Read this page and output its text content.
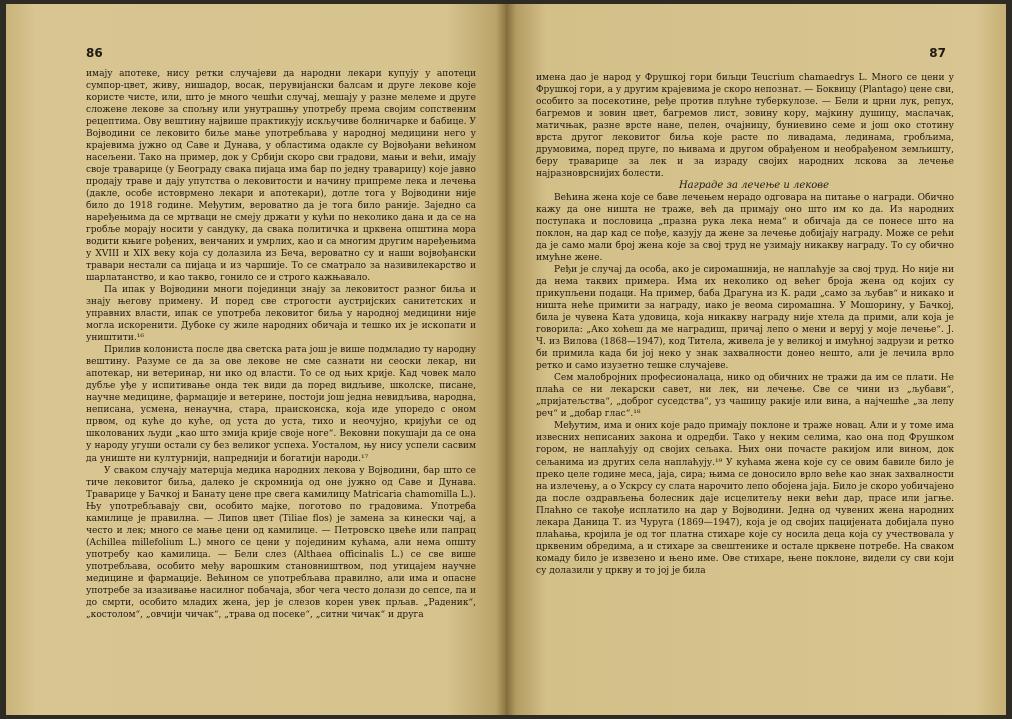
86

имају апотеке, нису ретки случајеви да народни лекари купују у апотеци сумпор-цвет, живу, нишадор, восак, перувијански балсам и друге лекове које користе чисте, или, што је много чешћи случај, мешају у разне мелеме и друге сложене лекове за спољну или унутрашњу употребу према својим сопственим рецептима. Ову вештину највише практикују искључиве болничарке и бабице. У Војводини се лековито биље мање употребљава у народној медицини него у крајевима јужно од Саве и Дунава, у областима одакле су Војвођани већином насељени. Тако на пример, док у Србији скоро сви градови, мањи и већи, имају своје траварице (у Београду свака пијаца има бар по једну траварицу) које јавно продају траве и дају упутства о лековитости и начину припреме лека и лечења (дакле, особе истоврмено лекари и апотекари), дотле тога у Војводини није било до 1918 године. Међутим, вероватно да је тога било раније. Заједно са наређењима да се мртваци не смеју држати у кући по неколико дана и да се на гробље морају носити у сандуку, да свака политичка и црквена општина мора водити књиге рођених, венчаних и умрлих, као и са многим другим наређењима у XVIII и XIX веку која су долазила из Беча, вероватно су и наши војвођански травари нестали са пијаца и из чаршије. То се сматрало за називилекарство и шарлатанство, и као такво, гонило се и строго кажњавало.

Па ипак у Војводини многи појединци знају за лековитост разног биља и знају његову примену. И поред све строгости аустријских санитетских и управних власти, ипак се употреба лековитог биља у народној медицини није могла искоренити. Дубоке су жиле народних обичаја и тешко их је ископати и уништити.¹⁶

Прилив колониста после два светска рата још је више подмладио ту народну вештину. Разуме се да за ове лекове не сме сазнати ни сеоски лекар, ни апотекар, ни ветеринар, ни ико од власти. То се од њих крије. Кад човек мало дубље уђе у испитивање онда тек види да поред видљиве, школске, писане, научне медицине, фармације и ветерине, постоји још једна невидљива, народна, неписана, усмена, ненаучна, стара, прaисконска, која иде упоредо с оном првом, од куће до куће, од уста до уста, тихо и неочујно, кријући се од школованих људи „као што змија крије своје ноге“. Вековни покушаји да се она у народу угуши остали су без великог успеха. Уосталом, њу нису успели сасвим да униште ни културнији, напреднији и богатији народи.¹⁷

У сваком случају матерuja медика народних лекова у Војводини, бар што се тиче лековитог биља, далеко је скромнија од оне јужно од Саве и Дунава. Траварице у Бачкој и Банату цене пре свега камилицу Matricaria chamomilla L.). Њу употребљавају сви, особито мајке, поготово по градовима. Употреба камилице је правилна. — Липов цвет (Tiliae flos) је замена за кинески чај, а често и лек; много се мање цени од камилице. — Петровско цвеће или папрац (Achillea millefolium L.) много се цени у појединим кућама, али нема општу употребу као камилица. — Бели слез (Althaea officinalis L.) се све више употребљава, особито међу варошким становништвом, под утицајем научне медицине и фармације. Већином се употребљава правилно, али има и опасне употребе за изазивање насилног побачаја, због чега често долази до сепсе, па и до смрти, особито младих жена, јер је слезов корен увек прљав. „Раденик“, „костолом“, „овчији чичак“, „трава од посеке“, „ситни чичак“ и друга

87

имена дао је народ у Фрушкој гори биљци Teucrium chamaedrys L. Много се цени у Фрушкој гори, а у другим крајевима је скоро непознат. — Боквицу (Plantago) цене сви, особито за посекотине, ређе против плућне туберкулозе. — Бели и црни лук, репух, багремов и зовин цвет, багремов лист, зовину кору, мајкину душицу, маслачак, матичњак, разне врсте нане, пелен, очајницу, буниевино семе и још око стотину врста другог лековитог биља које расте по ливадама, лединама, гробљима, друмовима, поред пруге, по њивама и другом обрађеном и необрађеном земљишту, беру траварице за лек и за израду својих народних лскова за лечење најразноврснијих болести.

Награде за лечење и лекове

Већина жена које се баве лечењем нерадо одговара на питање о награди. Обично кажу да оне ништа не траже, већ да примају оно што им ко да. Из народних поступака и пословица „празна рука лека нема“ и обичаја да се понесе што на поклон, на дар кад се пође, казују да жене за лечење добијају награду. Може се рећи да је само мали број жена које за свој труд не узимају никакву награду. То су обично имућне жене.

Ређи је случај да особа, ако је сиромашниja, не наплаћује за свој труд. Но није ни да нема таквих примера. Има их неколико од већег броја жена од којих су прикупљени подаци. На пример, баба Драгуна из К. ради „само за љубав“ и никако и ништа неће примити за награду, иако је веома сиромашна. У Мошорину, у Бачкој, била је чувена Ката удовица, која никакву награду није хтела да прими, али која је говорила: „Ако хоћеш да ме наградиш, причај лепо о мени и веруј у моје лечење“. Ј. Ч. из Вилова (1868—1947), код Тителa, живела је у великој и имућној задрузи и ретко би примила када би јој неко у знак захвалности донео нешто, али је лечила врло ретко и само изузетно тешке случајеве.

Сем малобројних професионалаца, нико од обичних не тражи да им се плати. Не плаћа се ни лекарски савет, ни лек, ни лечење. Све се чини из „љубави“, „пријатељства“, „доброг суседства“, уз чашицу ракије или вина, а најчешће „за лепу реч“ и „добар глас“.¹⁸

Међутим, има и оних које радо примају поклоне и траже новац. Али и у томе има извесних неписаних закона и одредби. Тако у неким селима, као она под Фрушком гором, не наплаћују од својих сељака. Њих они почасте ракијом или вином, док сељанима из других села наплаћују.¹⁹ У кућама жена које су се овим бавиле било је преко целе године меса, јаја, сира; њима се доносило врло веће као знак захвалности на излечењу, а о Ускрсу су слата нарочито лепо обојена јаја. Било је скоро уобичајено да после оздрављења болесник даје исцелитељу неки већи дар, прасе или јагње. Плаћно се такође исплатило на дар у Војводини. Једна од чувених жена народних лекара Даница Т. из Чуруга (1869—1947), која је од својих пацијената добијала пуно плаћања, кројила је од тог платна стихаре које су носила деца која су учествовала у црквеним обредима, а и стихаре за свештенике и остале црквене потребе. На сваком комаду било је извезено и њено име. Ове стихаре, њене поклоне, видели су сви који су долазили у цркву и то јој је била
